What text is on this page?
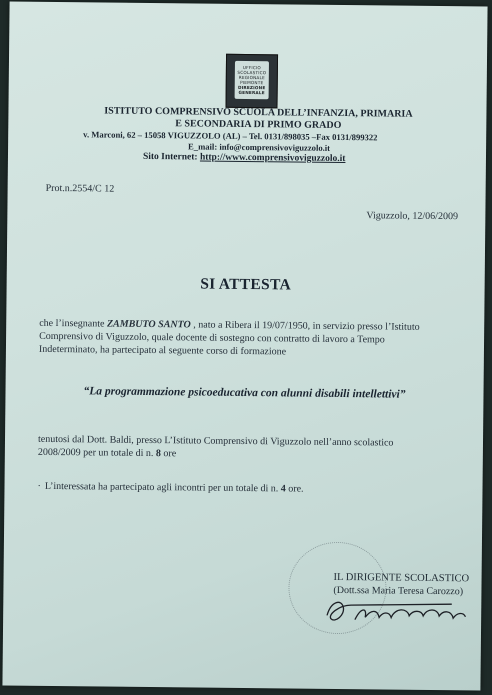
UFFICIO SCOLASTICO REGIONALE
PIEMONTE
DIREZIONE GENERALE
ISTITUTO COMPRENSIVO SCUOLA DELL’INFANZIA, PRIMARIA
E SECONDARIA DI PRIMO GRADO
v. Marconi, 62 – 15058 VIGUZZOLO (AL) – Tel. 0131/898035 –Fax 0131/899322
E_mail: info@comprensivoviguzzolo.it
Sito Internet: http://www.comprensivoviguzzolo.it
Prot.n.2554/C 12
Viguzzolo, 12/06/2009
SI ATTESTA
che l’insegnante ZAMBUTO SANTO , nato a Ribera il 19/07/1950, in servizio presso l’Istituto Comprensivo di Viguzzolo, quale docente di sostegno con contratto di lavoro a Tempo Indeterminato, ha partecipato al seguente corso di formazione
“La programmazione psicoeducativa con alunni disabili intellettivi”
tenutosi dal Dott. Baldi, presso L’Istituto Comprensivo di Viguzzolo nell’anno scolastico 2008/2009 per un totale di n. 8 ore
· L’interessata ha partecipato agli incontri per un totale di n. 4 ore.
IL DIRIGENTE SCOLASTICO
(Dott.ssa Maria Teresa Carozzo)
